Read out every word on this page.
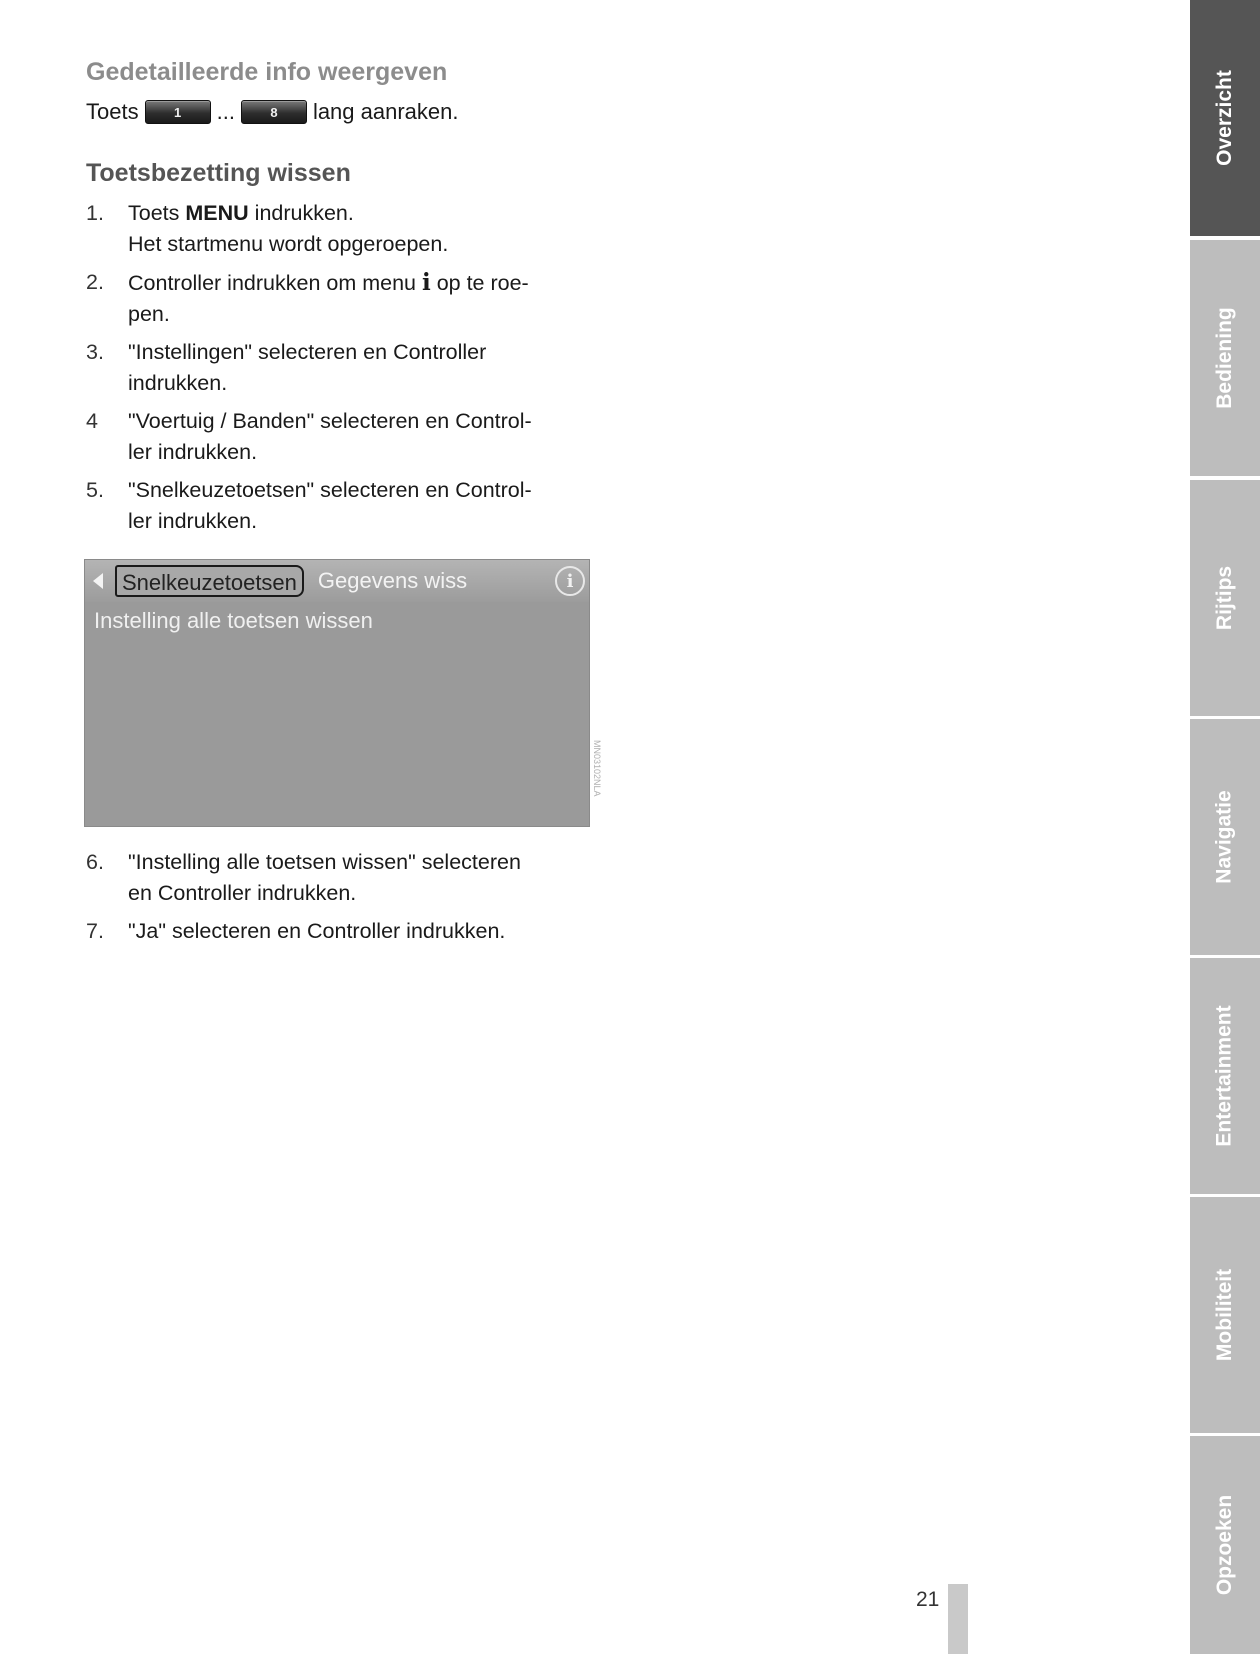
Gedetailleerde info weergeven
Toets	1	...	8	lang aanraken.
Toetsbezetting wissen
1.	Toets MENU indrukken.
Het startmenu wordt opgeroepen.
2.	Controller indrukken om menu i op te roe-
pen.
3.	"Instellingen" selecteren en Controller
indrukken.
4	"Voertuig / Banden" selecteren en Control-
ler indrukken.
5.	"Snelkeuzetoetsen" selecteren en Control-
ler indrukken.
Snelkeuzetoetsen Gegevens wiss	i
Instelling alle toetsen wissen
6.	"Instelling alle toetsen wissen" selecteren
en Controller indrukken.
7.	"Ja" selecteren en Controller indrukken.
MN03102NLA
Overzicht
Bediening
Rijtips
Navigatie
Entertainment
Mobiliteit
Opzoeken
21
